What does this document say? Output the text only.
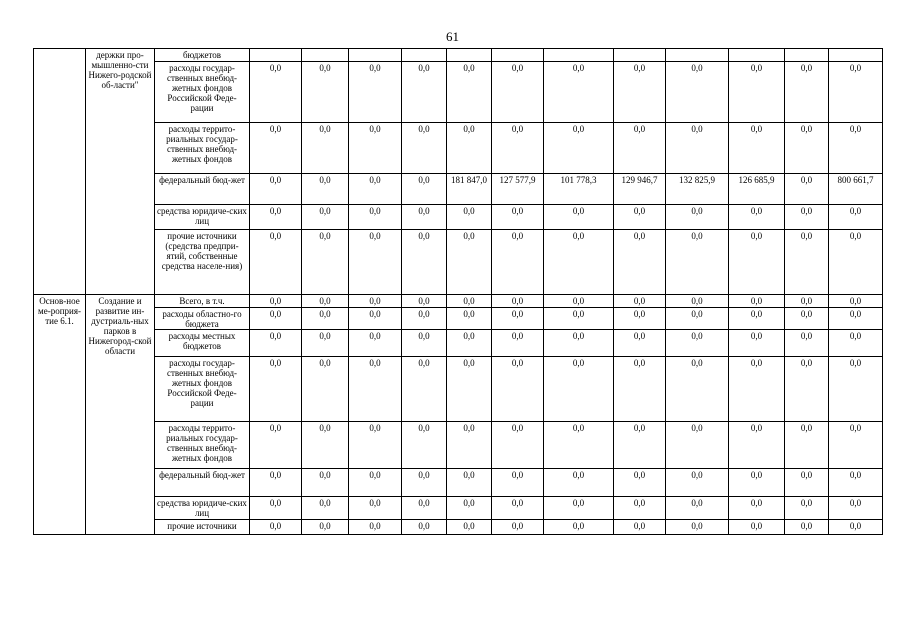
61
	держки про-мышленно-сти Нижего-родской об-ласти"	бюджетов												
		расходы государ-ственных внебюд-жетных фондов Российской Феде-рации	0,0	0,0	0,0	0,0	0,0	0,0	0,0	0,0	0,0	0,0	0,0	0,0
		расходы террито-риальных государ-ственных внебюд-жетных фондов	0,0	0,0	0,0	0,0	0,0	0,0	0,0	0,0	0,0	0,0	0,0	0,0
		федеральный бюд-жет	0,0	0,0	0,0	0,0	181 847,0	127 577,9	101 778,3	129 946,7	132 825,9	126 685,9	0,0	800 661,7
		средства юридиче-ских лиц	0,0	0,0	0,0	0,0	0,0	0,0	0,0	0,0	0,0	0,0	0,0	0,0
		прочие источники (средства предпри-ятий, собственные средства населе-ния)	0,0	0,0	0,0	0,0	0,0	0,0	0,0	0,0	0,0	0,0	0,0	0,0
Основ-ное ме-роприя-тие 6.1.	Создание и развитие ин-дустриаль-ных парков в Нижегород-ской области	Всего, в т.ч.	0,0	0,0	0,0	0,0	0,0	0,0	0,0	0,0	0,0	0,0	0,0	0,0
		расходы областно-го бюджета	0,0	0,0	0,0	0,0	0,0	0,0	0,0	0,0	0,0	0,0	0,0	0,0
		расходы местных бюджетов	0,0	0,0	0,0	0,0	0,0	0,0	0,0	0,0	0,0	0,0	0,0	0,0
		расходы государ-ственных внебюд-жетных фондов Российской Феде-рации	0,0	0,0	0,0	0,0	0,0	0,0	0,0	0,0	0,0	0,0	0,0	0,0
		расходы террито-риальных государ-ственных внебюд-жетных фондов	0,0	0,0	0,0	0,0	0,0	0,0	0,0	0,0	0,0	0,0	0,0	0,0
		федеральный бюд-жет	0,0	0,0	0,0	0,0	0,0	0,0	0,0	0,0	0,0	0,0	0,0	0,0
		средства юридиче-ских лиц	0,0	0,0	0,0	0,0	0,0	0,0	0,0	0,0	0,0	0,0	0,0	0,0
		прочие источники	0,0	0,0	0,0	0,0	0,0	0,0	0,0	0,0	0,0	0,0	0,0	0,0
